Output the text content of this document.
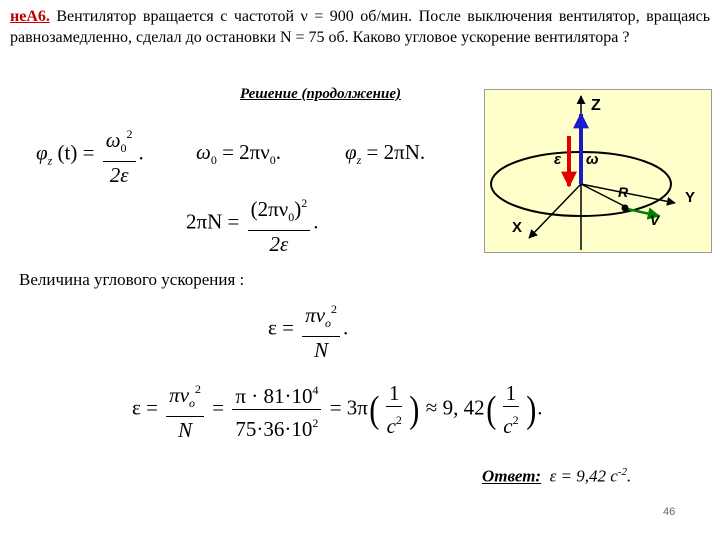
неА6. Вентилятор вращается с частотой ν = 900 об/мин. После выключения вентилятор, вращаясь равнозамедленно, сделал до остановки N = 75 об. Каково угловое ускорение вентилятора ?
Решение (продолжение)
$\varphi_z$ $(t) = \frac{\omega_0^2}{2\varepsilon}$ . $\omega_0 = 2\pi\nu_0$.	$\varphi_z = 2\pi N$.
$2\pi N = \frac{(2\pi\nu_0)^2}{2\varepsilon}$ .
Z
Y
X
ε ω
R
V
Величина углового ускорения :
$\varepsilon = \frac{\pi\nu_o^2}{N}$ .
$\varepsilon = \frac{\pi\nu_o^2}{N} = \frac{\pi \cdot 81\cdot 10^4}{75\cdot 36\cdot 10^2} = 3\pi( \frac{1}{c^2}$ ) ≈ 9, $42( \frac{1}{c^2}$ ).
Ответ:  ε = 9,42 $с^{-2}$.
46
